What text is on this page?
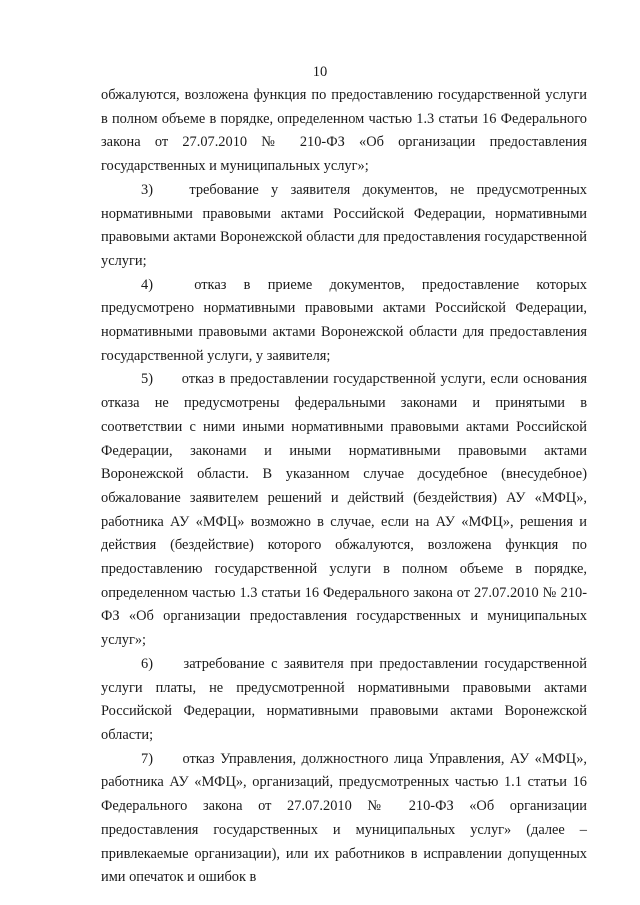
10

обжалуются, возложена функция по предоставлению государственной услуги в полном объеме в порядке, определенном частью 1.3 статьи 16 Федерального закона от 27.07.2010 № 210-ФЗ «Об организации предоставления государственных и муниципальных услуг»;

3)	требование у заявителя документов, не предусмотренных нормативными правовыми актами Российской Федерации, нормативными правовыми актами Воронежской области для предоставления государственной услуги;

4)	отказ в приеме документов, предоставление которых предусмотрено нормативными правовыми актами Российской Федерации, нормативными правовыми актами Воронежской области для предоставления государственной услуги, у заявителя;

5) отказ в предоставлении государственной услуги, если основания отказа не предусмотрены федеральными законами и принятыми в соответствии с ними иными нормативными правовыми актами Российской Федерации, законами и иными нормативными правовыми актами Воронежской области. В указанном случае досудебное (внесудебное) обжалование заявителем решений и действий (бездействия) АУ «МФЦ», работника АУ «МФЦ» возможно в случае, если на АУ «МФЦ», решения и действия (бездействие) которого обжалуются, возложена функция по предоставлению государственной услуги в полном объеме в порядке, определенном частью 1.3 статьи 16 Федерального закона от 27.07.2010 № 210-ФЗ «Об организации предоставления государственных и муниципальных услуг»;

6) затребование с заявителя при предоставлении государственной услуги платы, не предусмотренной нормативными правовыми актами Российской Федерации, нормативными правовыми актами Воронежской области;

7) отказ Управления, должностного лица Управления, АУ «МФЦ», работника АУ «МФЦ», организаций, предусмотренных частью 1.1 статьи 16 Федерального закона от 27.07.2010 № 210-ФЗ «Об организации предоставления государственных и муниципальных услуг» (далее – привлекаемые организации), или их работников в исправлении допущенных ими опечаток и ошибок в
